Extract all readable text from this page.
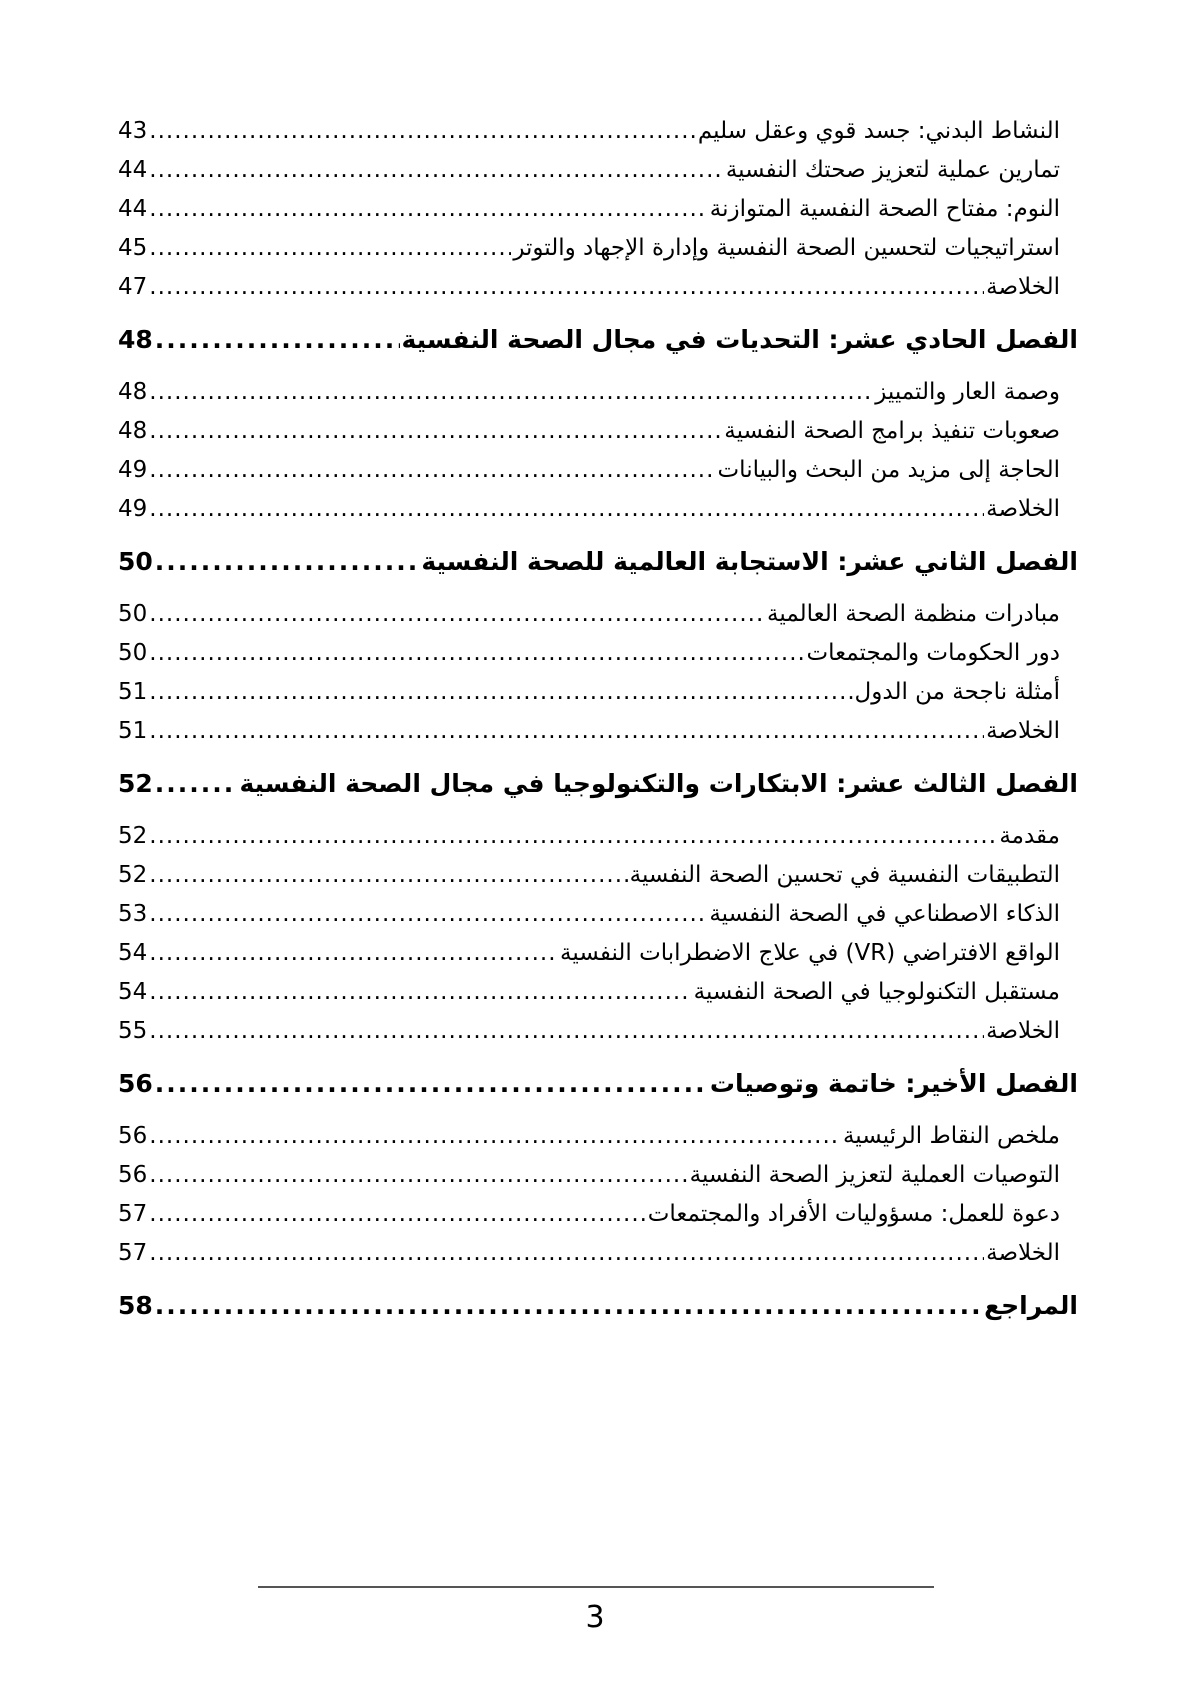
النشاط البدني: جسد قوي وعقل سليم
.....
43
تمارين عملية لتعزيز صحتك النفسية
.....
44
النوم: مفتاح الصحة النفسية المتوازنة
.....
44
استراتيجيات لتحسين الصحة النفسية وإدارة الإجهاد والتوتر
.....
45
الخلاصة
.....
47
الفصل الحادي عشر: التحديات في مجال الصحة النفسية
.....
48
وصمة العار والتمييز
.....
48
صعوبات تنفيذ برامج الصحة النفسية
.....
48
الحاجة إلى مزيد من البحث والبيانات
.....
49
الخلاصة
.....
49
الفصل الثاني عشر: الاستجابة العالمية للصحة النفسية
.....
50
مبادرات منظمة الصحة العالمية
.....
50
دور الحكومات والمجتمعات
.....
50
أمثلة ناجحة من الدول
.....
51
الخلاصة
.....
51
الفصل الثالث عشر: الابتكارات والتكنولوجيا في مجال الصحة النفسية
.....
52
مقدمة
.....
52
التطبيقات النفسية في تحسين الصحة النفسية
.....
52
الذكاء الاصطناعي في الصحة النفسية
.....
53
الواقع الافتراضي (VR) في علاج الاضطرابات النفسية
.....
54
مستقبل التكنولوجيا في الصحة النفسية
.....
54
الخلاصة
.....
55
الفصل الأخير: خاتمة وتوصيات
.....
56
ملخص النقاط الرئيسية
.....
56
التوصيات العملية لتعزيز الصحة النفسية
.....
56
دعوة للعمل: مسؤوليات الأفراد والمجتمعات
.....
57
الخلاصة
.....
57
المراجع
.....
58
3
